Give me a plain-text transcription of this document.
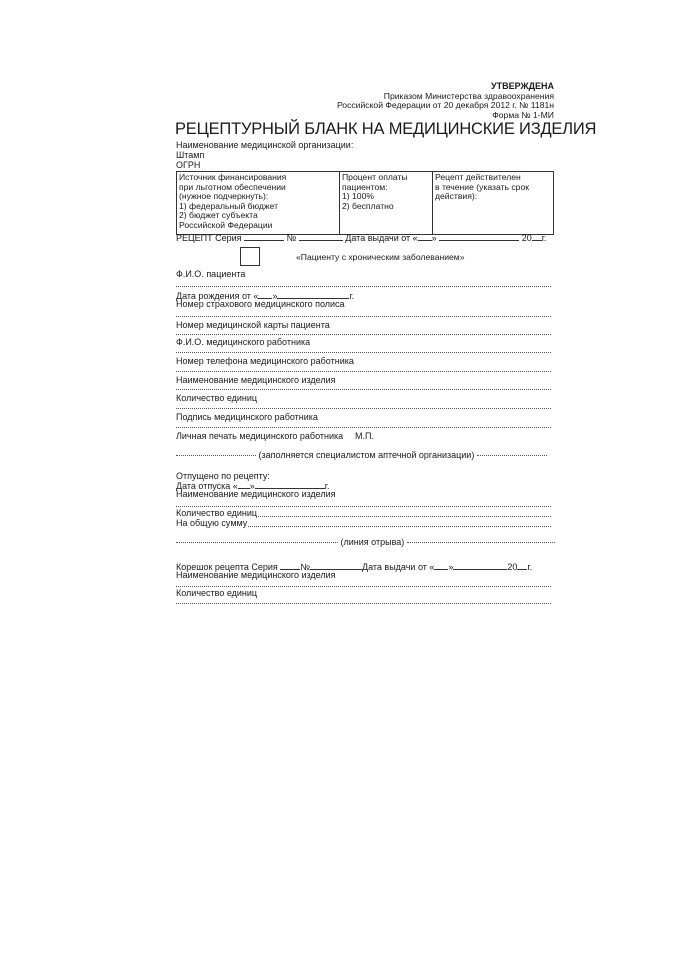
УТВЕРЖДЕНА
Приказом Министерства здравоохранения
Российской Федерации от 20 декабря 2012 г. № 1181н
Форма № 1-МИ
РЕЦЕПТУРНЫЙ БЛАНК НА МЕДИЦИНСКИЕ ИЗДЕЛИЯ
Наименование медицинской организации:
Штамп
ОГРН
Источник финансирования
при льготном обеспечении
(нужное подчеркнуть):
1) федеральный бюджет
2) бюджет субъекта
Российской Федерации

Процент оплаты
пациентом:
1) 100%
2) бесплатно

Рецепт действителен
в течение (указать срок
действия):
РЕЦЕПТ Серия	№	Дата выдачи от « »	20 г.
«Пациенту с хроническим заболеванием»
Ф.И.О. пациента
Дата рождения от « »	г.
Номер страхового медицинского полиса
Номер медицинской карты пациента
Ф.И.О. медицинского работника
Номер телефона медицинского работника
Наименование медицинского изделия
Количество единиц
Подпись медицинского работника
Личная печать медицинского работника М.П.
(заполняется специалистом аптечной организации)
Отпущено по рецепту:
Дата отпуска « »	г.
Наименование медицинского изделия
Количество единиц
На общую сумму
(линия отрыва)
Корешок рецепта Серия	№	Дата выдачи от « »	20 г.
Наименование медицинского изделия
Количество единиц
